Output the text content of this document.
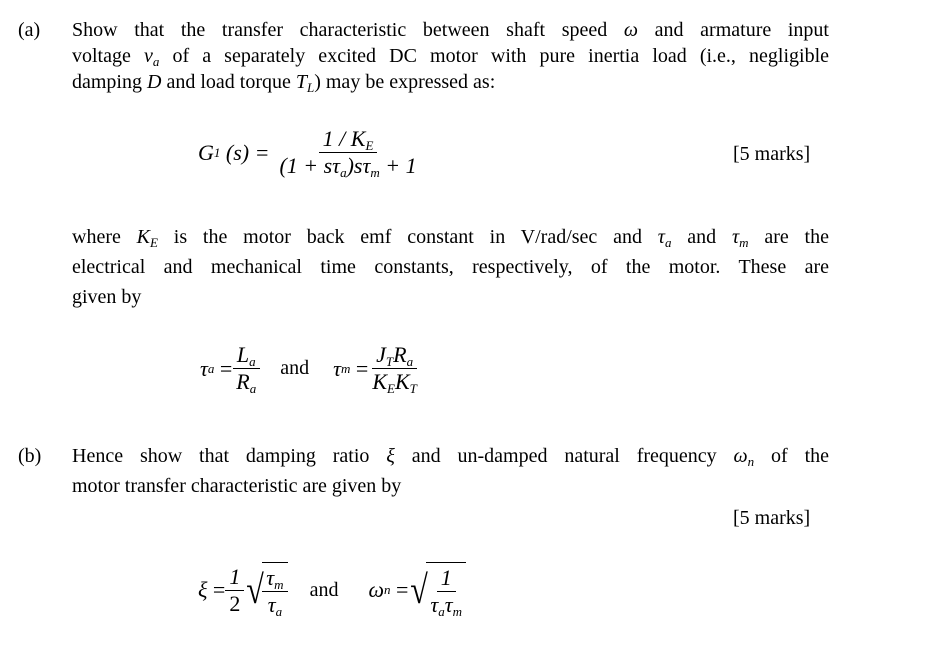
(a) Show that the transfer characteristic between shaft speed ω and armature input
voltage $v_a$ of a separately excited DC motor with pure inertia load (i.e., negligible
damping D and load torque $T_L$) may be expressed as:
G 1
$(s) = \frac{1 / K_E}{(1 + s\tau_a)s\tau_m + 1}$	[5 marks]
where $K_E$ is the motor back emf constant in V/rad/sec and $\tau_a$ and $\tau_m$ are the
electrical and mechanical time constants, respectively, of the motor. These are
given by
τ a
= $\frac{L_a}{R_a}$ and τ m
= $\frac{J_TR_a}{K_EK_T}$
(b) Hence show that damping ratio ξ and un-damped natural frequency $\omega_n$ of the
motor transfer characteristic are given by
[5 marks]
ξ
= $\frac{1}{2}$ √
$\frac{\tau_m}{\tau_a}$ and ω n
= √
$\frac{1}{\tau_a\tau_m}$
